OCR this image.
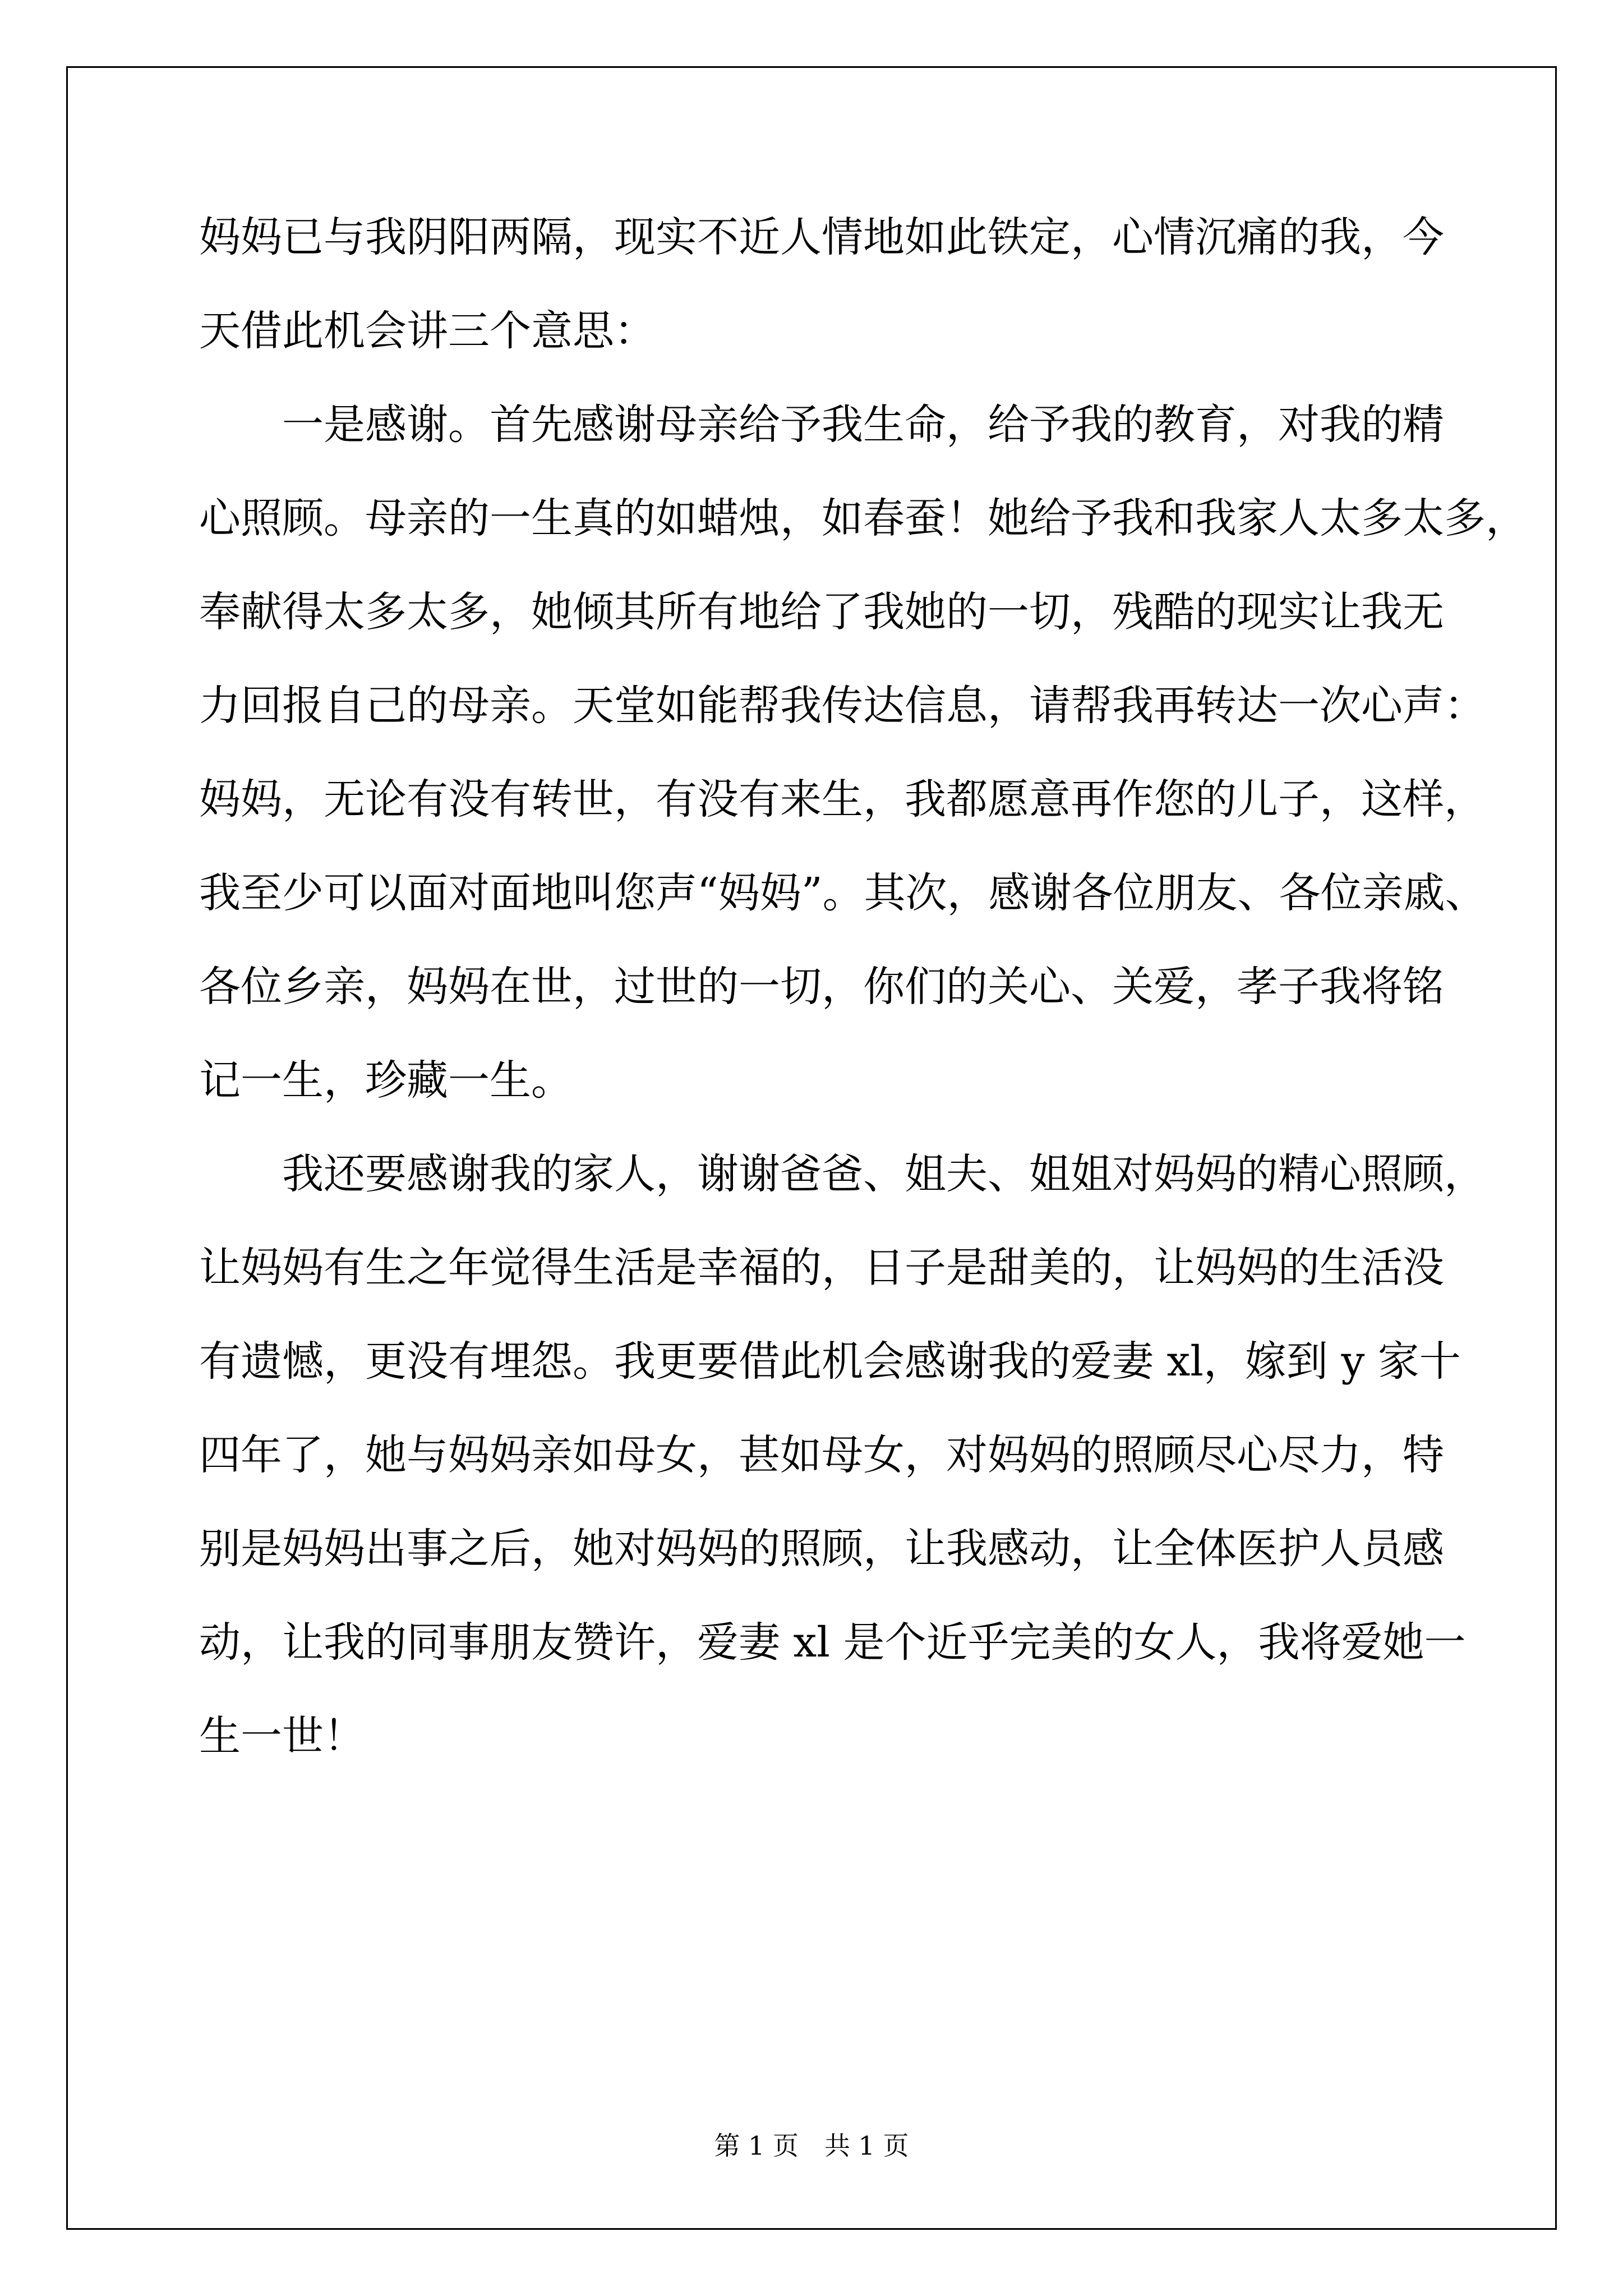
妈妈已与我阴阳两隔，现实不近人情地如此铁定，心情沉痛的我，今
天借此机会讲三个意思：
　　一是感谢。首先感谢母亲给予我生命，给予我的教育，对我的精
心照顾。母亲的一生真的如蜡烛，如春蚕！她给予我和我家人太多太多，
奉献得太多太多，她倾其所有地给了我她的一切，残酷的现实让我无
力回报自己的母亲。天堂如能帮我传达信息，请帮我再转达一次心声：
妈妈，无论有没有转世，有没有来生，我都愿意再作您的儿子，这样，
我至少可以面对面地叫您声“妈妈”。其次，感谢各位朋友、各位亲戚、
各位乡亲，妈妈在世，过世的一切，你们的关心、关爱，孝子我将铭
记一生，珍藏一生。
　　我还要感谢我的家人，谢谢爸爸、姐夫、姐姐对妈妈的精心照顾，
让妈妈有生之年觉得生活是幸福的，日子是甜美的，让妈妈的生活没
有遗憾，更没有埋怨。我更要借此机会感谢我的爱妻 xl，嫁到 y 家十
四年了，她与妈妈亲如母女，甚如母女，对妈妈的照顾尽心尽力，特
别是妈妈出事之后，她对妈妈的照顾，让我感动，让全体医护人员感
动，让我的同事朋友赞许，爱妻 xl 是个近乎完美的女人，我将爱她一
生一世！
第 1 页　共 1 页
